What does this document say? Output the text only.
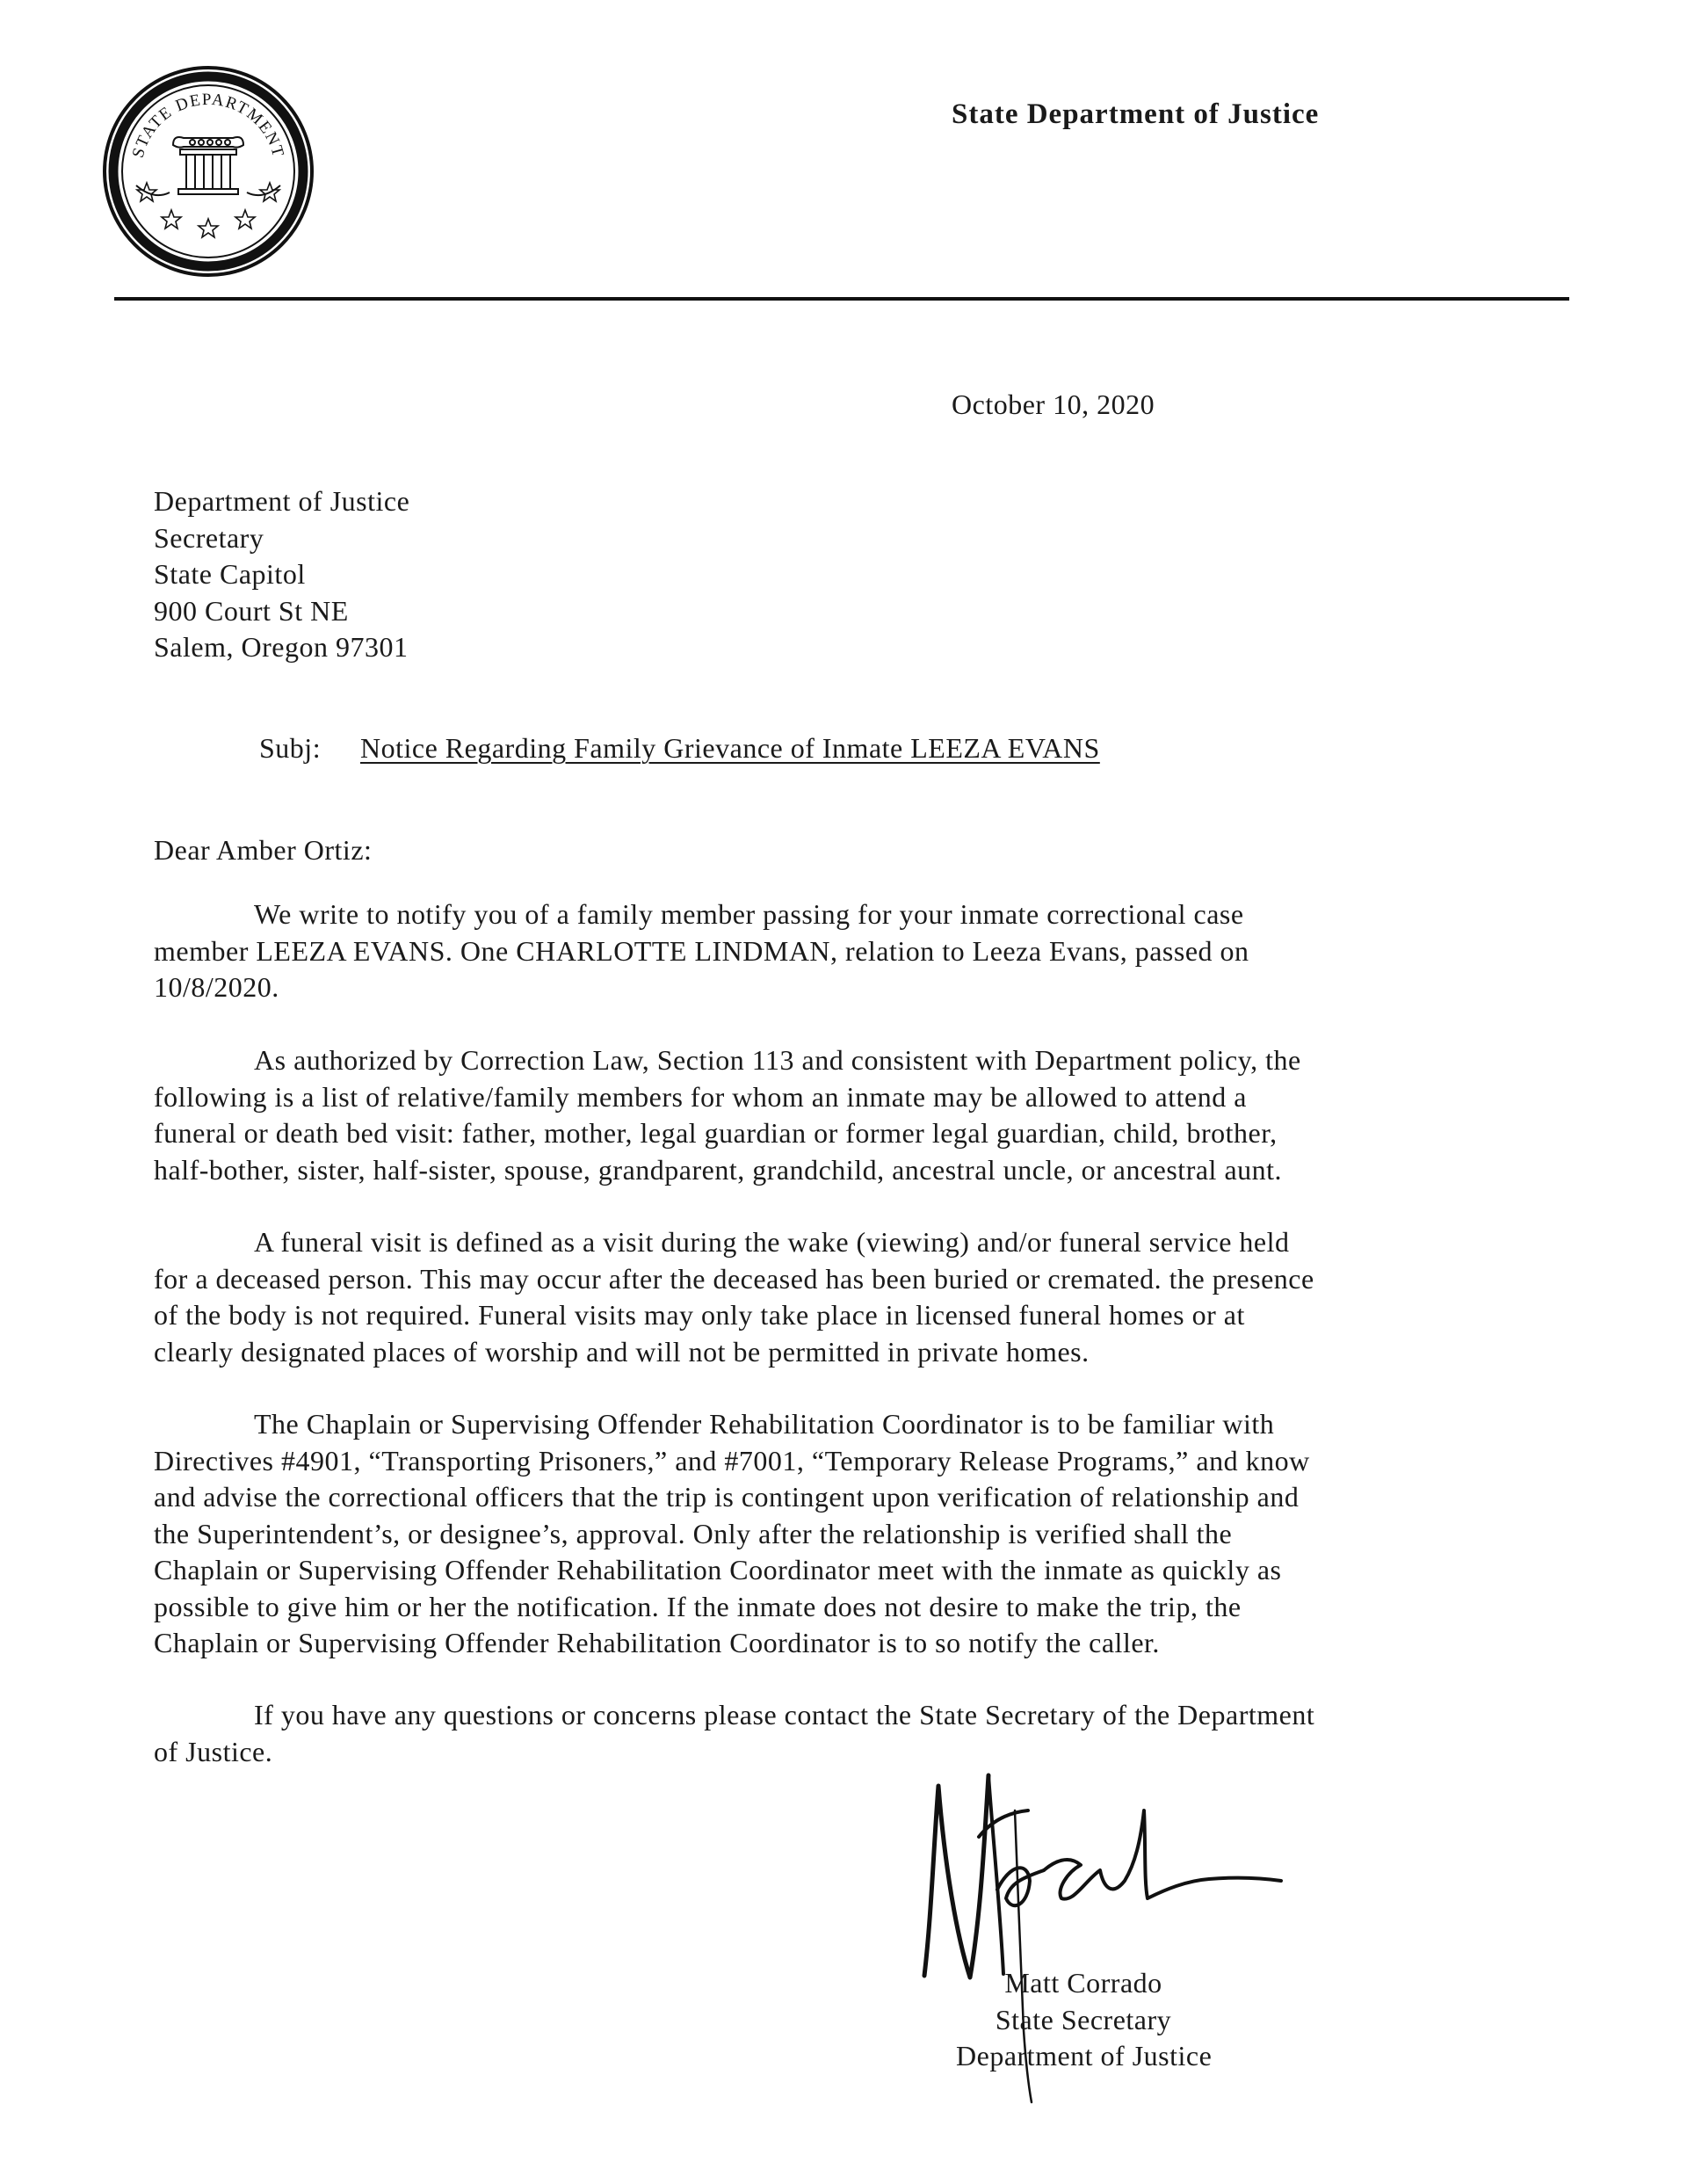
STATE DEPARTMENT
State Department of Justice
October 10, 2020
Department of Justice
Secretary
State Capitol
900 Court St NE
Salem, Oregon 97301
Subj: Notice Regarding Family Grievance of Inmate LEEZA EVANS
Dear Amber Ortiz:
We write to notify you of a family member passing for your inmate correctional case
member LEEZA EVANS. One CHARLOTTE LINDMAN, relation to Leeza Evans, passed on
10/8/2020.
As authorized by Correction Law, Section 113 and consistent with Department policy, the
following is a list of relative/family members for whom an inmate may be allowed to attend a
funeral or death bed visit: father, mother, legal guardian or former legal guardian, child, brother,
half-bother, sister, half-sister, spouse, grandparent, grandchild, ancestral uncle, or ancestral aunt.
A funeral visit is defined as a visit during the wake (viewing) and/or funeral service held
for a deceased person. This may occur after the deceased has been buried or cremated. the presence
of the body is not required. Funeral visits may only take place in licensed funeral homes or at
clearly designated places of worship and will not be permitted in private homes.
The Chaplain or Supervising Offender Rehabilitation Coordinator is to be familiar with
Directives #4901, “Transporting Prisoners,” and #7001, “Temporary Release Programs,” and know
and advise the correctional officers that the trip is contingent upon verification of relationship and
the Superintendent’s, or designee’s, approval. Only after the relationship is verified shall the
Chaplain or Supervising Offender Rehabilitation Coordinator meet with the inmate as quickly as
possible to give him or her the notification. If the inmate does not desire to make the trip, the
Chaplain or Supervising Offender Rehabilitation Coordinator is to so notify the caller.
If you have any questions or concerns please contact the State Secretary of the Department
of Justice.
Matt Corrado
State Secretary
Department of Justice
